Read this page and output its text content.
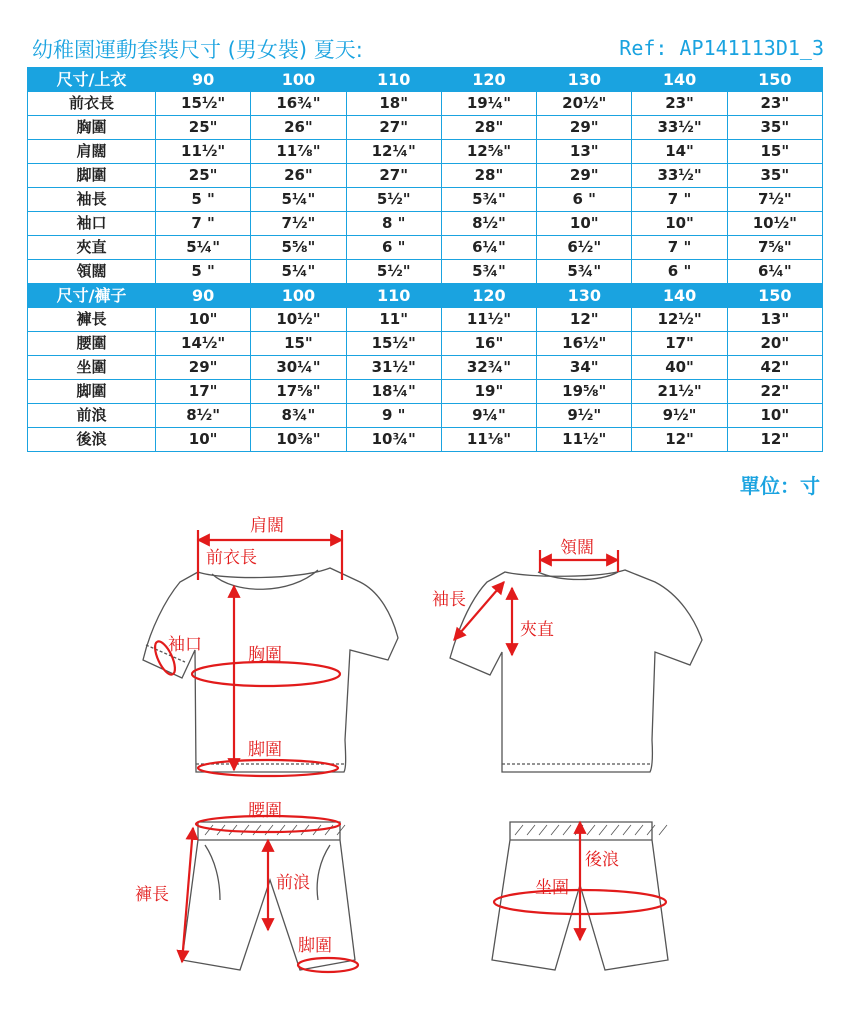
幼稚園運動套裝尺寸 (男女裝) 夏天:	Ref: AP141113D1_3
尺寸/上衣	90	100	110	120	130	140	150
前衣長	15½"	16¾"	18"	19¼"	20½"	23"	23"
胸圍	25"	26"	27"	28"	29"	33½"	35"
肩闊	11½"	11⅞"	12¼"	12⅝"	13"	14"	15"
脚圍	25"	26"	27"	28"	29"	33½"	35"
袖長	5 "	5¼"	5½"	5¾"	6 "	7 "	7½"
袖口	7 "	7½"	8 "	8½"	10"	10"	10½"
夾直	5¼"	5⅝"	6 "	6¼"	6½"	7 "	7⅝"
領闊	5 "	5¼"	5½"	5¾"	5¾"	6 "	6¼"
尺寸/褲子	90	100	110	120	130	140	150
褲長	10"	10½"	11"	11½"	12"	12½"	13"
腰圍	14½"	15"	15½"	16"	16½"	17"	20"
坐圍	29"	30¼"	31½"	32¾"	34"	40"	42"
脚圍	17"	17⅝"	18¼"	19"	19⅝"	21½"	22"
前浪	8½"	8¾"	9 "	9¼"	9½"	9½"	10"
後浪	10"	10⅜"	10¾"	11⅛"	11½"	12"	12"
單位：寸
肩闊
前衣長
袖口	胸圍
脚圍
領闊
袖長
夾直
腰圍
褲長
前浪
脚圍
後浪
坐圍
